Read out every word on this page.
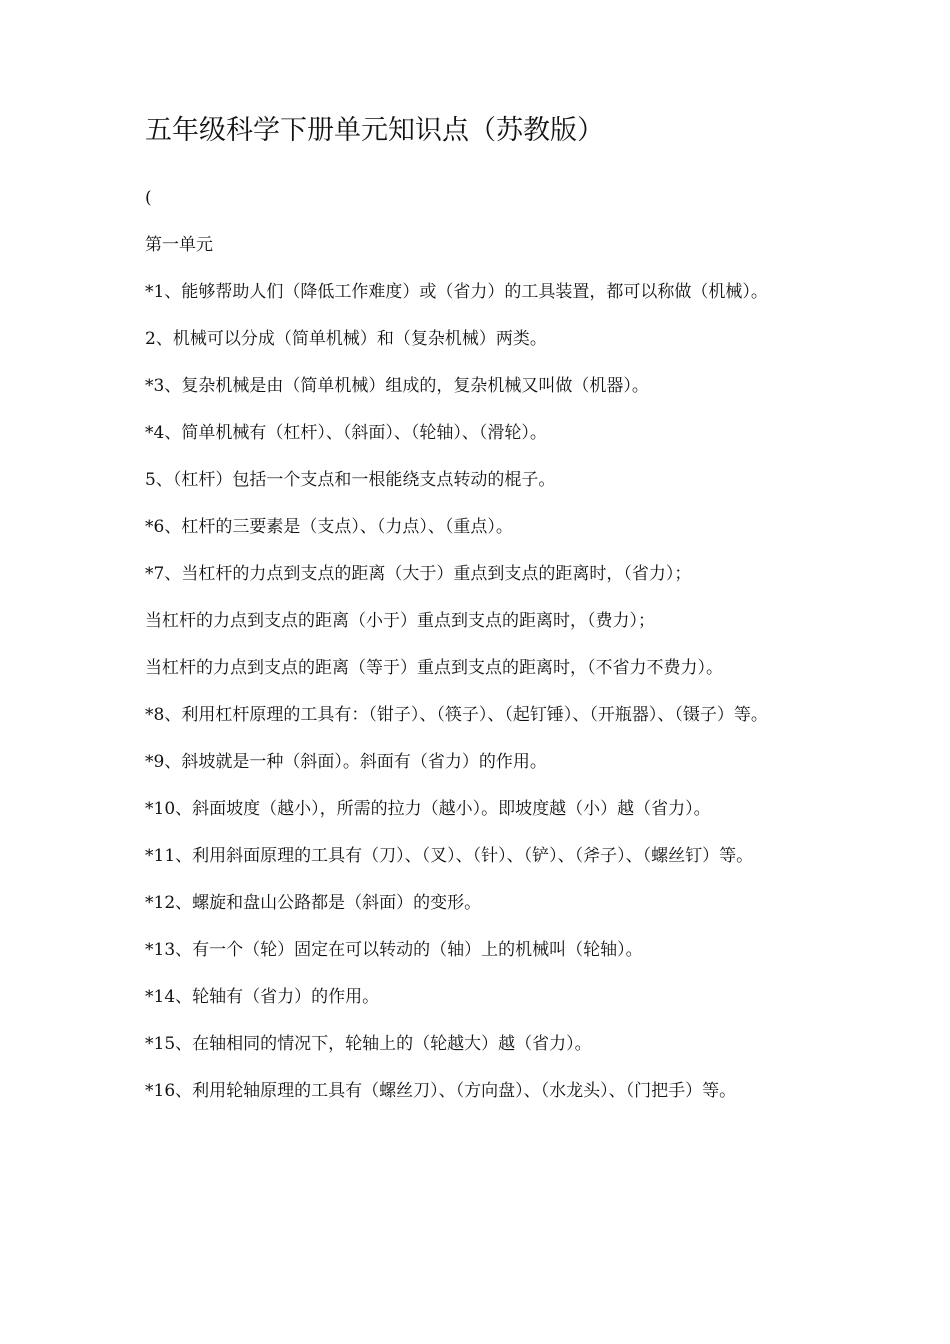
五年级科学下册单元知识点（苏教版）
(

第一单元

*1、能够帮助人们（降低工作难度）或（省力）的工具装置，都可以称做（机械）。

2、机械可以分成（简单机械）和（复杂机械）两类。

*3、复杂机械是由（简单机械）组成的，复杂机械又叫做（机器）。

*4、简单机械有（杠杆）、（斜面）、（轮轴）、（滑轮）。

5、（杠杆）包括一个支点和一根能绕支点转动的棍子。

*6、杠杆的三要素是（支点）、（力点）、（重点）。

*7、当杠杆的力点到支点的距离（大于）重点到支点的距离时，（省力）；

当杠杆的力点到支点的距离（小于）重点到支点的距离时，（费力）；

当杠杆的力点到支点的距离（等于）重点到支点的距离时，（不省力不费力）。

*8、利用杠杆原理的工具有：（钳子）、（筷子）、（起钉锤）、（开瓶器）、（镊子）等。

*9、斜坡就是一种（斜面）。斜面有（省力）的作用。

*10、斜面坡度（越小），所需的拉力（越小）。即坡度越（小）越（省力）。

*11、利用斜面原理的工具有（刀）、（叉）、（针）、（铲）、（斧子）、（螺丝钉）等。

*12、螺旋和盘山公路都是（斜面）的变形。

*13、有一个（轮）固定在可以转动的（轴）上的机械叫（轮轴）。

*14、轮轴有（省力）的作用。

*15、在轴相同的情况下，轮轴上的（轮越大）越（省力）。

*16、利用轮轴原理的工具有（螺丝刀）、（方向盘）、（水龙头）、（门把手）等。
